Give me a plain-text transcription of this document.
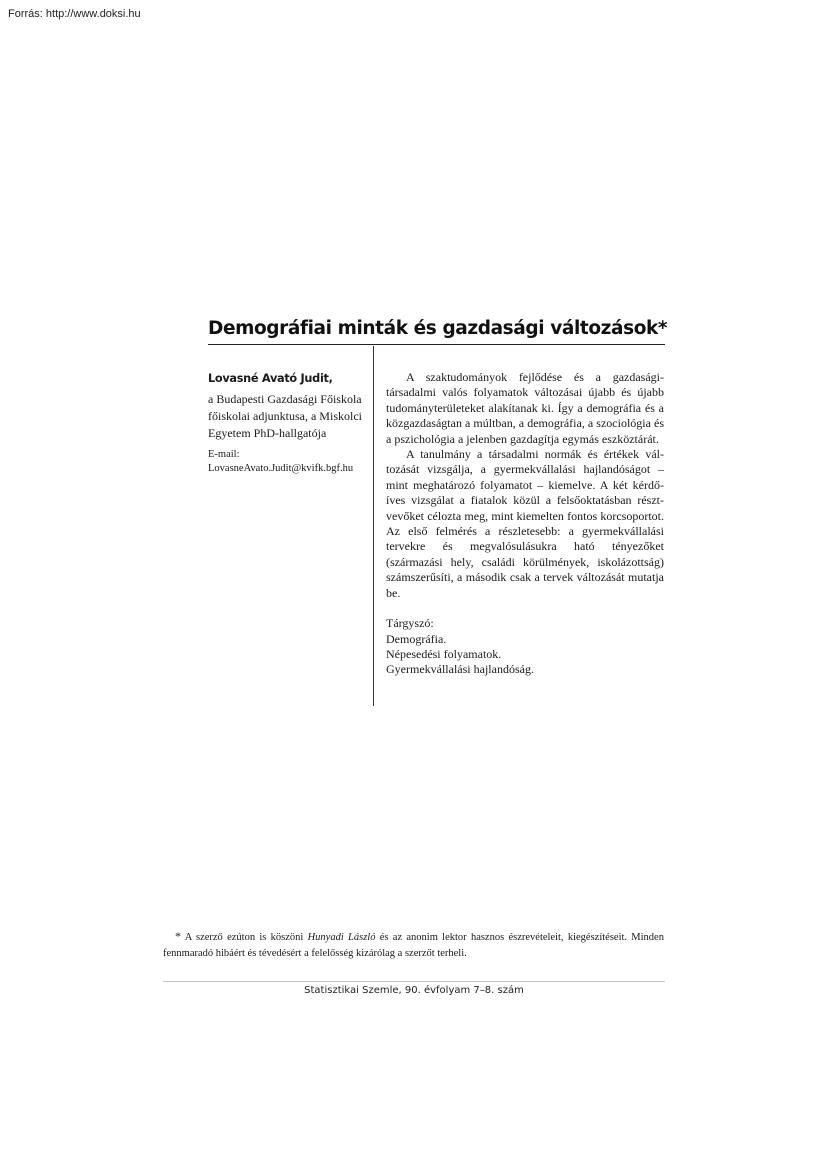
Forrás: http://www.doksi.hu
Demográfiai minták és gazdasági változások*
Lovasné Avató Judit,
a Budapesti Gazdasági Főiskola főiskolai adjunktusa, a Miskolci Egyetem PhD-hallgatója
E-mail:
LovasneAvato.Judit@kvifk.bgf.hu

A szaktudományok fejlődése és a gazdasági-társadalmi valós folyamatok változásai újabb és újabb tudományterületeket alakítanak ki. Így a demográfia és a közgazdaságtan a múltban, a demográfia, a szociológia és a pszichológia a jelenben gazdagítja egymás eszköztárát.

A tanulmány a társadalmi normák és értékek változását vizsgálja, a gyermekvállalási hajlandóságot – mint meghatározó folyamatot – kiemelve. A két kérdőíves vizsgálat a fiatalok közül a felsőoktatásban résztvevőket célozta meg, mint kiemelten fontos korcsoportot. Az első felmérés a részletesebb: a gyermekvállalási tervekre és megvalósulásukra ható tényezőket (származási hely, családi körülmények, iskolázottság) számszerűsíti, a második csak a tervek változását mutatja be.

Tárgyszó:
Demográfia.
Népesedési folyamatok.
Gyermekvállalási hajlandóság.
* A szerző ezúton is köszöni Hunyadi László és az anonim lektor hasznos észrevételeit, kiegészítéseit. Minden fennmaradó hibáért és tévedésért a felelősség kizárólag a szerzőt terheli.
Statisztikai Szemle, 90. évfolyam 7–8. szám
